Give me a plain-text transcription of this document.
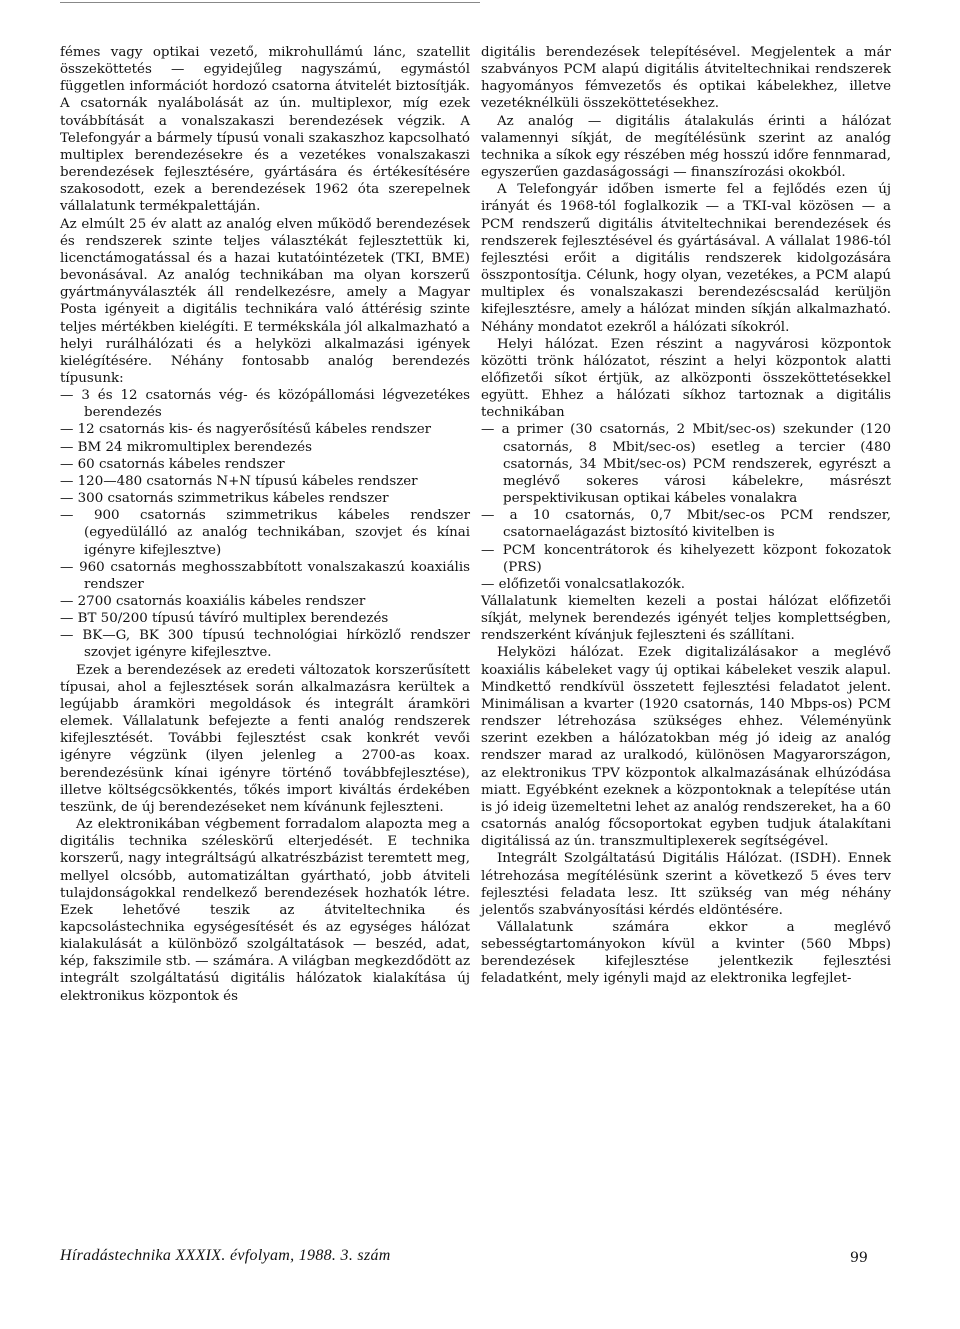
fémes vagy optikai vezető, mikrohullámú lánc, szatellit összeköttetés — egyidejűleg nagyszámú, egymástól független információt hordozó csatorna átvitelét biztosítják. A csatornák nyalábolását az ún. multiplexor, míg ezek továbbítását a vonalszakaszi berendezések végzik. A Telefongyár a bármely típusú vonali szakaszhoz kapcsolható multiplex berendezésekre és a vezetékes vonalszakaszi berendezések fejlesztésére, gyártására és értékesítésére szakosodott, ezek a berendezések 1962 óta szerepelnek vállalatunk termékpalettáján.

Az elmúlt 25 év alatt az analóg elven működő berendezések és rendszerek szinte teljes választékát fejlesztettük ki, licenctámogatással és a hazai kutatóintézetek (TKI, BME) bevonásával. Az analóg technikában ma olyan korszerű gyártmányválaszték áll rendelkezésre, amely a Magyar Posta igényeit a digitális technikára való áttérésig szinte teljes mértékben kielégíti. E termékskála jól alkalmazható a helyi rurálhálózati és a helyközi alkalmazási igények kielégítésére. Néhány fontosabb analóg berendezés típusunk:

— 3 és 12 csatornás vég- és közópállomási légvezetékes berendezés
— 12 csatornás kis- és nagyerősítésű kábeles rendszer
— BM 24 mikromultiplex berendezés
— 60 csatornás kábeles rendszer
— 120—480 csatornás N+N típusú kábeles rendszer
— 300 csatornás szimmetrikus kábeles rendszer
— 900 csatornás szimmetrikus kábeles rendszer (egyedülálló az analóg technikában, szovjet és kínai igényre kifejlesztve)
— 960 csatornás meghosszabbított vonalszakaszú koaxiális rendszer
— 2700 csatornás koaxiális kábeles rendszer
— BT 50/200 típusú távíró multiplex berendezés
— BK—G, BK 300 típusú technológiai hírközlő rendszer szovjet igényre kifejlesztve.

Ezek a berendezések az eredeti változatok korszerűsített típusai, ahol a fejlesztések során alkalmazásra kerültek a legújabb áramköri megoldások és integrált áramköri elemek. Vállalatunk befejezte a fenti analóg rendszerek kifejlesztését. További fejlesztést csak konkrét vevői igényre végzünk (ilyen jelenleg a 2700-as koax. berendezésünk kínai igényre történő továbbfejlesztése), illetve költségcsökkentés, tőkés import kiváltás érdekében teszünk, de új berendezéseket nem kívánunk fejleszteni.

Az elektronikában végbement forradalom alapozta meg a digitális technika széleskörű elterjedését. E technika korszerű, nagy integráltságú alkatrészbázist teremtett meg, mellyel olcsóbb, automatizáltan gyártható, jobb átviteli tulajdonságokkal rendelkező berendezések hozhatók létre. Ezek lehetővé teszik az átviteltechnika és kapcsolástechnika egységesítését és az egységes hálózat kialakulását a különböző szolgáltatások — beszéd, adat, kép, fakszimile stb. — számára. A világban megkezdődött az integrált szolgáltatású digitális hálózatok kialakítása új elektronikus központok és

digitális berendezések telepítésével. Megjelentek a már szabványos PCM alapú digitális átviteltechnikai rendszerek hagyományos fémvezetős és optikai kábelekhez, illetve vezetéknélküli összeköttetésekhez.

Az analóg — digitális átalakulás érinti a hálózat valamennyi síkját, de megítélésünk szerint az analóg technika a síkok egy részében még hosszú időre fennmarad, egyszerűen gazdaságossági — finanszírozási okokból.

A Telefongyár időben ismerte fel a fejlődés ezen új irányát és 1968-tól foglalkozik — a TKI-val közösen — a PCM rendszerű digitális átviteltechnikai berendezések és rendszerek fejlesztésével és gyártásával. A vállalat 1986-tól fejlesztési erőit a digitális rendszerek kidolgozására összpontosítja. Célunk, hogy olyan, vezetékes, a PCM alapú multiplex és vonalszakaszi berendezéscsalád kerüljön kifejlesztésre, amely a hálózat minden síkján alkalmazható. Néhány mondatot ezekről a hálózati síkokról.

Helyi hálózat. Ezen részint a nagyvárosi központok közötti trönk hálózatot, részint a helyi központok alatti előfizetői síkot értjük, az alközponti összeköttetésekkel együtt. Ehhez a hálózati síkhoz tartoznak a digitális technikában

— a primer (30 csatornás, 2 Mbit/sec-os) szekunder (120 csatornás, 8 Mbit/sec-os) esetleg a tercier (480 csatornás, 34 Mbit/sec-os) PCM rendszerek, egyrészt a meglévő sokeres városi kábelekre, másrészt perspektivikusan optikai kábeles vonalakra
— a 10 csatornás, 0,7 Mbit/sec-os PCM rendszer, csatornaelágazást biztosító kivitelben is
— PCM koncentrátorok és kihelyezett központ fokozatok (PRS)
— előfizetői vonalcsatlakozók.

Vállalatunk kiemelten kezeli a postai hálózat előfizetői síkját, melynek berendezés igényét teljes komplettségben, rendszerként kívánjuk fejleszteni és szállítani.

Helyközi hálózat. Ezek digitalizálásakor a meglévő koaxiális kábeleket vagy új optikai kábeleket veszik alapul. Mindkettő rendkívül összetett fejlesztési feladatot jelent. Minimálisan a kvarter (1920 csatornás, 140 Mbps-os) PCM rendszer létrehozása szükséges ehhez. Véleményünk szerint ezekben a hálózatokban még jó ideig az analóg rendszer marad az uralkodó, különösen Magyarországon, az elektronikus TPV központok alkalmazásának elhúzódása miatt. Egyébként ezeknek a központoknak a telepítése után is jó ideig üzemeltetni lehet az analóg rendszereket, ha a 60 csatornás analóg főcsoportokat egyben tudjuk átalakítani digitálissá az ún. transzmultiplexerek segítségével.

Integrált Szolgáltatású Digitális Hálózat. (ISDH). Ennek létrehozása megítélésünk szerint a következő 5 éves terv fejlesztési feladata lesz. Itt szükség van még néhány jelentős szabványosítási kérdés eldöntésére.

Vállalatunk számára ekkor a meglévő sebességtartományokon kívül a kvinter (560 Mbps) berendezések kifejlesztése jelentkezik fejlesztési feladatként, mely igényli majd az elektronika legfejlet-

Híradástechnika XXXIX. évfolyam, 1988. 3. szám	99
